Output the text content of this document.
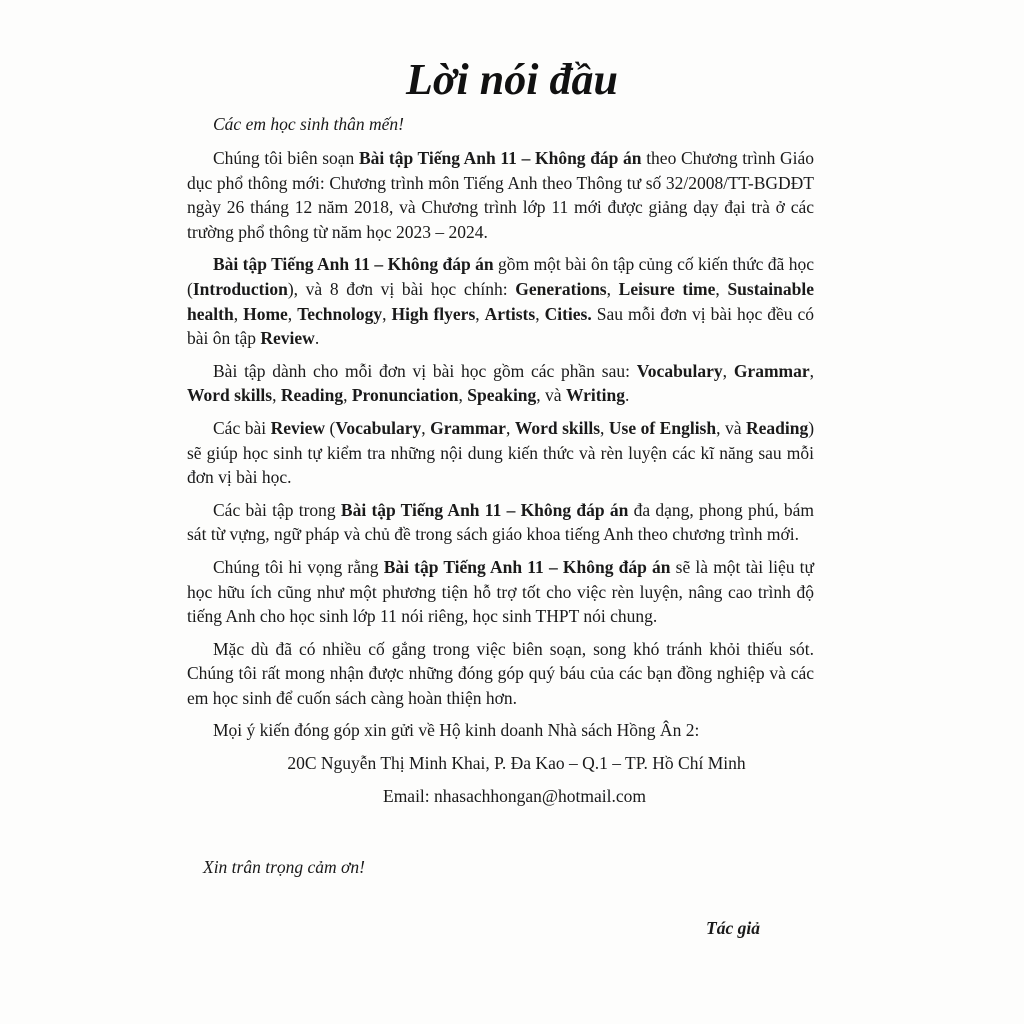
Lời nói đầu

Các em học sinh thân mến!

Chúng tôi biên soạn Bài tập Tiếng Anh 11 – Không đáp án theo Chương trình Giáo dục phổ thông mới: Chương trình môn Tiếng Anh theo Thông tư số 32/2008/TT-BGDĐT ngày 26 tháng 12 năm 2018, và Chương trình lớp 11 mới được giảng dạy đại trà ở các trường phổ thông từ năm học 2023 – 2024.

Bài tập Tiếng Anh 11 – Không đáp án gồm một bài ôn tập củng cố kiến thức đã học (Introduction), và 8 đơn vị bài học chính: Generations, Leisure time, Sustainable health, Home, Technology, High flyers, Artists, Cities. Sau mỗi đơn vị bài học đều có bài ôn tập Review.

Bài tập dành cho mỗi đơn vị bài học gồm các phần sau: Vocabulary, Grammar, Word skills, Reading, Pronunciation, Speaking, và Writing.

Các bài Review (Vocabulary, Grammar, Word skills, Use of English, và Reading) sẽ giúp học sinh tự kiểm tra những nội dung kiến thức và rèn luyện các kĩ năng sau mỗi đơn vị bài học.

Các bài tập trong Bài tập Tiếng Anh 11 – Không đáp án đa dạng, phong phú, bám sát từ vựng, ngữ pháp và chủ đề trong sách giáo khoa tiếng Anh theo chương trình mới.

Chúng tôi hi vọng rằng Bài tập Tiếng Anh 11 – Không đáp án sẽ là một tài liệu tự học hữu ích cũng như một phương tiện hỗ trợ tốt cho việc rèn luyện, nâng cao trình độ tiếng Anh cho học sinh lớp 11 nói riêng, học sinh THPT nói chung.

Mặc dù đã có nhiều cố gắng trong việc biên soạn, song khó tránh khỏi thiếu sót. Chúng tôi rất mong nhận được những đóng góp quý báu của các bạn đồng nghiệp và các em học sinh để cuốn sách càng hoàn thiện hơn.

Mọi ý kiến đóng góp xin gửi về Hộ kinh doanh Nhà sách Hồng Ân 2:

20C Nguyễn Thị Minh Khai, P. Đa Kao – Q.1 – TP. Hồ Chí Minh

Email: nhasachhongan@hotmail.com

Xin trân trọng cảm ơn!

Tác giả
